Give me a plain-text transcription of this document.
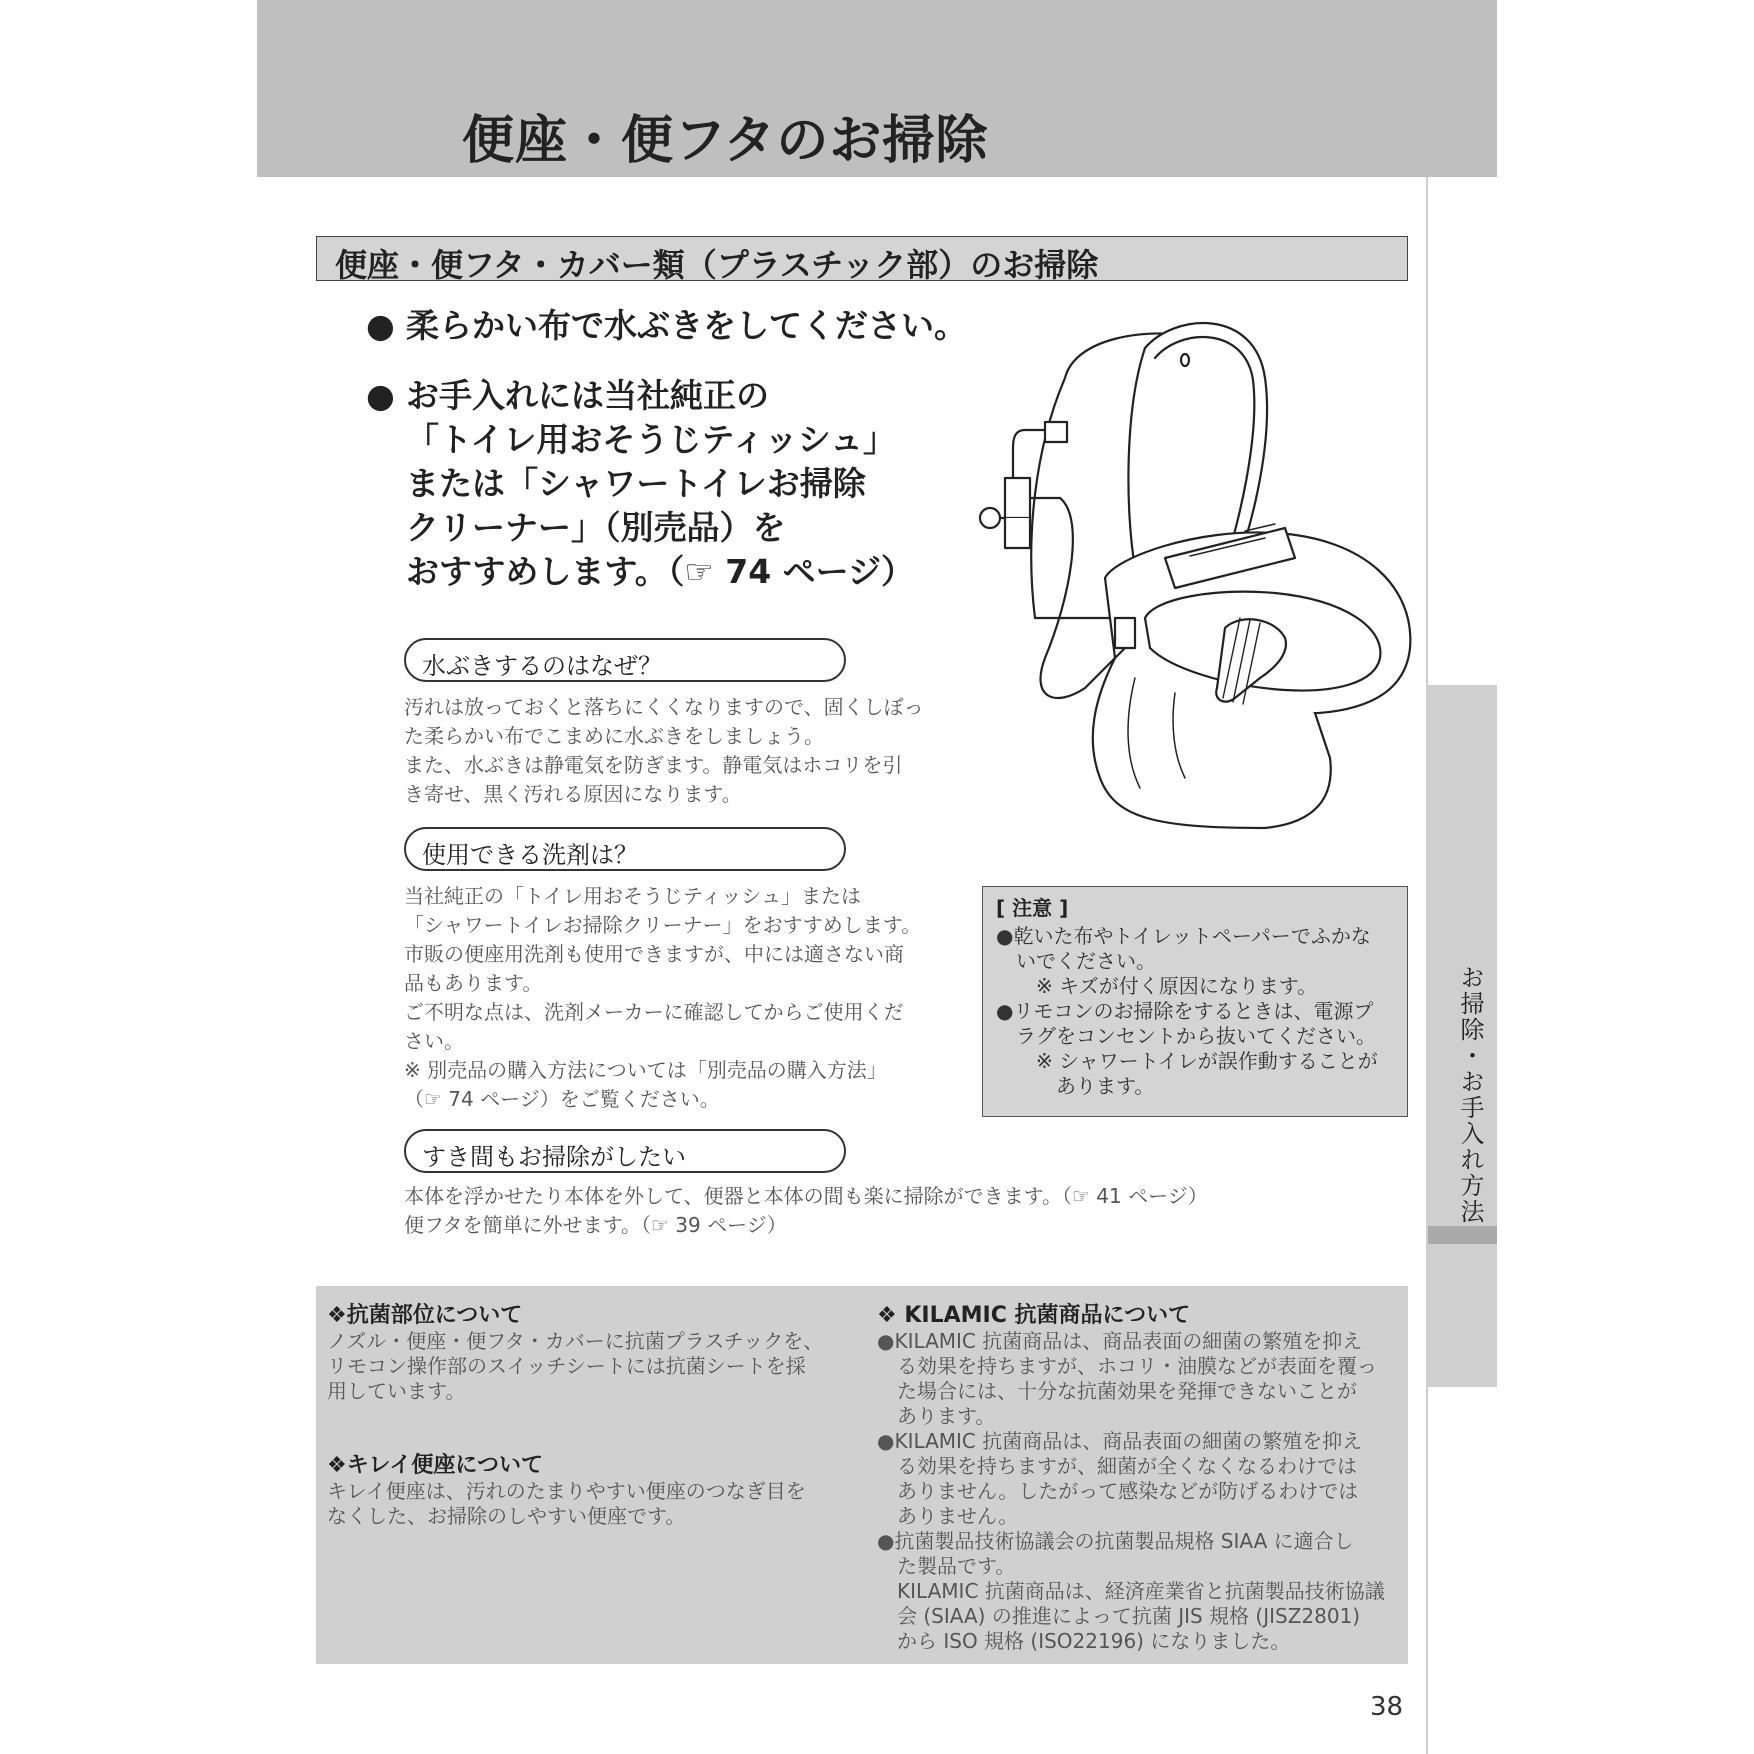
便座・便フタのお掃除
お掃除・お手入れ方法
便座・便フタ・カバー類（プラスチック部）のお掃除
● 柔らかい布で水ぶきをしてください。
● お手入れには当社純正の
「トイレ用おそうじティッシュ」
または「シャワートイレお掃除
クリーナー」（別売品）を
おすすめします。（☞ 74 ページ）
水ぶきするのはなぜ？
汚れは放っておくと落ちにくくなりますので、固くしぼっ
た柔らかい布でこまめに水ぶきをしましょう。
また、水ぶきは静電気を防ぎます。静電気はホコリを引
き寄せ、黒く汚れる原因になります。
使用できる洗剤は？
当社純正の「トイレ用おそうじティッシュ」または
「シャワートイレお掃除クリーナー」をおすすめします。
市販の便座用洗剤も使用できますが、中には適さない商
品もあります。
ご不明な点は、洗剤メーカーに確認してからご使用くだ
さい。
※ 別売品の購入方法については「別売品の購入方法」
（☞ 74 ページ）をご覧ください。
すき間もお掃除がしたい
本体を浮かせたり本体を外して、便器と本体の間も楽に掃除ができます。（☞ 41 ページ）
便フタを簡単に外せます。（☞ 39 ページ）
[ 注意 ]
●乾いた布やトイレットペーパーでふかな
　いでください。
　　※ キズが付く原因になります。
●リモコンのお掃除をするときは、電源プ
　ラグをコンセントから抜いてください。
　　※ シャワートイレが誤作動することが
　　　あります。
❖抗菌部位について
ノズル・便座・便フタ・カバーに抗菌プラスチックを、
リモコン操作部のスイッチシートには抗菌シートを採
用しています。
❖キレイ便座について
キレイ便座は、汚れのたまりやすい便座のつなぎ目を
なくした、お掃除のしやすい便座です。
❖ KILAMIC 抗菌商品について
●KILAMIC 抗菌商品は、商品表面の細菌の繁殖を抑え
　る効果を持ちますが、ホコリ・油膜などが表面を覆っ
　た場合には、十分な抗菌効果を発揮できないことが
　あります。
●KILAMIC 抗菌商品は、商品表面の細菌の繁殖を抑え
　る効果を持ちますが、細菌が全くなくなるわけでは
　ありません。したがって感染などが防げるわけでは
　ありません。
●抗菌製品技術協議会の抗菌製品規格 SIAA に適合し
　た製品です。
　KILAMIC 抗菌商品は、経済産業省と抗菌製品技術協議
　会 (SIAA) の推進によって抗菌 JIS 規格 (JISZ2801)
　から ISO 規格 (ISO22196) になりました。
38
